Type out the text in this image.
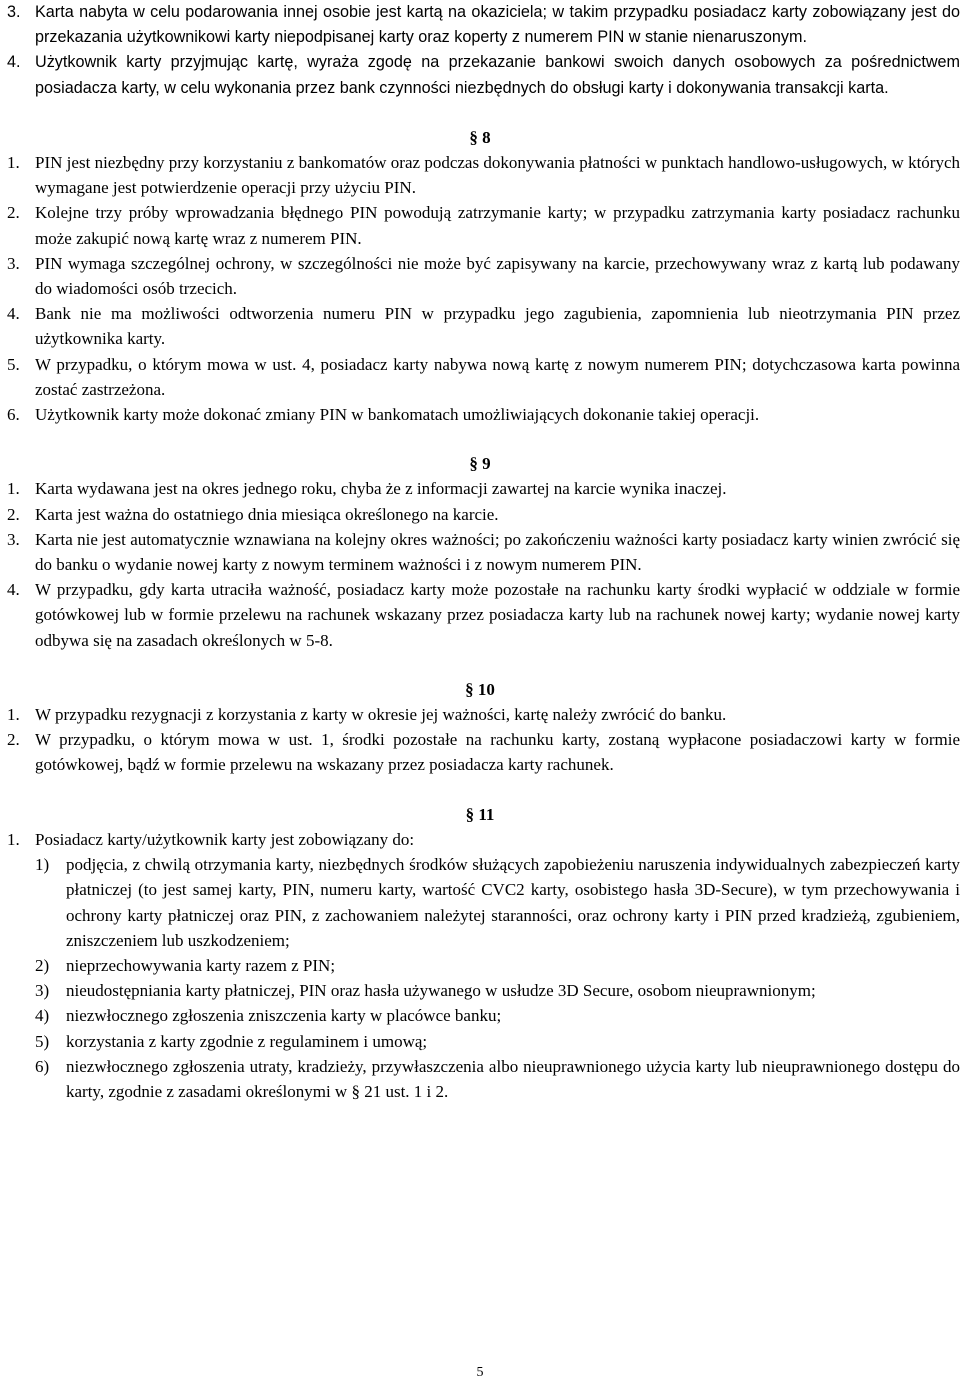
3. Karta nabyta w celu podarowania innej osobie jest kartą na okaziciela; w takim przypadku posiadacz karty zobowiązany jest do przekazania użytkownikowi karty niepodpisanej karty oraz koperty z numerem PIN w stanie nienaruszonym.
4. Użytkownik karty przyjmując kartę, wyraża zgodę na przekazanie bankowi swoich danych osobowych za pośrednictwem posiadacza karty, w celu wykonania przez bank czynności niezbędnych do obsługi karty i dokonywania transakcji karta.
§ 8
1. PIN jest niezbędny przy korzystaniu z bankomatów oraz podczas dokonywania płatności w punktach handlowo-usługowych, w których wymagane jest potwierdzenie operacji przy użyciu PIN.
2. Kolejne trzy próby wprowadzania błędnego PIN powodują zatrzymanie karty; w przypadku zatrzymania karty posiadacz rachunku może zakupić nową kartę wraz z numerem PIN.
3. PIN wymaga szczególnej ochrony, w szczególności nie może być zapisywany na karcie, przechowywany wraz z kartą lub podawany do wiadomości osób trzecich.
4. Bank nie ma możliwości odtworzenia numeru PIN w przypadku jego zagubienia, zapomnienia lub nieotrzymania PIN przez użytkownika karty.
5. W przypadku, o którym mowa w ust. 4, posiadacz karty nabywa nową kartę z nowym numerem PIN; dotychczasowa karta powinna zostać zastrzeżona.
6. Użytkownik karty może dokonać zmiany PIN w bankomatach umożliwiających dokonanie takiej operacji.
§ 9
1. Karta wydawana jest na okres jednego roku, chyba że z informacji zawartej na karcie wynika inaczej.
2. Karta jest ważna do ostatniego dnia miesiąca określonego na karcie.
3. Karta nie jest automatycznie wznawiana na kolejny okres ważności; po zakończeniu ważności karty posiadacz karty winien zwrócić się do banku o wydanie nowej karty z nowym terminem ważności i z nowym numerem PIN.
4. W przypadku, gdy karta utraciła ważność, posiadacz karty może pozostałe na rachunku karty środki wypłacić w oddziale w formie gotówkowej lub w formie przelewu na rachunek wskazany przez posiadacza karty lub na rachunek nowej karty; wydanie nowej karty odbywa się na zasadach określonych w 5-8.
§ 10
1. W przypadku rezygnacji z korzystania z karty w okresie jej ważności, kartę należy zwrócić do banku.
2. W przypadku, o którym mowa w ust. 1, środki pozostałe na rachunku karty, zostaną wypłacone posiadaczowi karty w formie gotówkowej, bądź w formie przelewu na wskazany przez posiadacza karty rachunek.
§ 11
1. Posiadacz karty/użytkownik karty jest zobowiązany do:
1) podjęcia, z chwilą otrzymania karty, niezbędnych środków służących zapobieżeniu naruszenia indywidualnych zabezpieczeń karty płatniczej (to jest samej karty, PIN, numeru karty, wartość CVC2 karty, osobistego hasła 3D-Secure), w tym przechowywania i ochrony karty płatniczej oraz PIN, z zachowaniem należytej staranności, oraz ochrony karty i PIN przed kradzieżą, zgubieniem, zniszczeniem lub uszkodzeniem;
2) nieprzechowywania karty razem z PIN;
3) nieudostępniania karty płatniczej, PIN oraz hasła używanego w usłudze 3D Secure, osobom nieuprawnionym;
4) niezwłocznego zgłoszenia zniszczenia karty w placówce banku;
5) korzystania z karty zgodnie z regulaminem i umową;
6) niezwłocznego zgłoszenia utraty, kradzieży, przywłaszczenia albo nieuprawnionego użycia karty lub nieuprawnionego dostępu do karty, zgodnie z zasadami określonymi w § 21 ust. 1 i 2.
5
